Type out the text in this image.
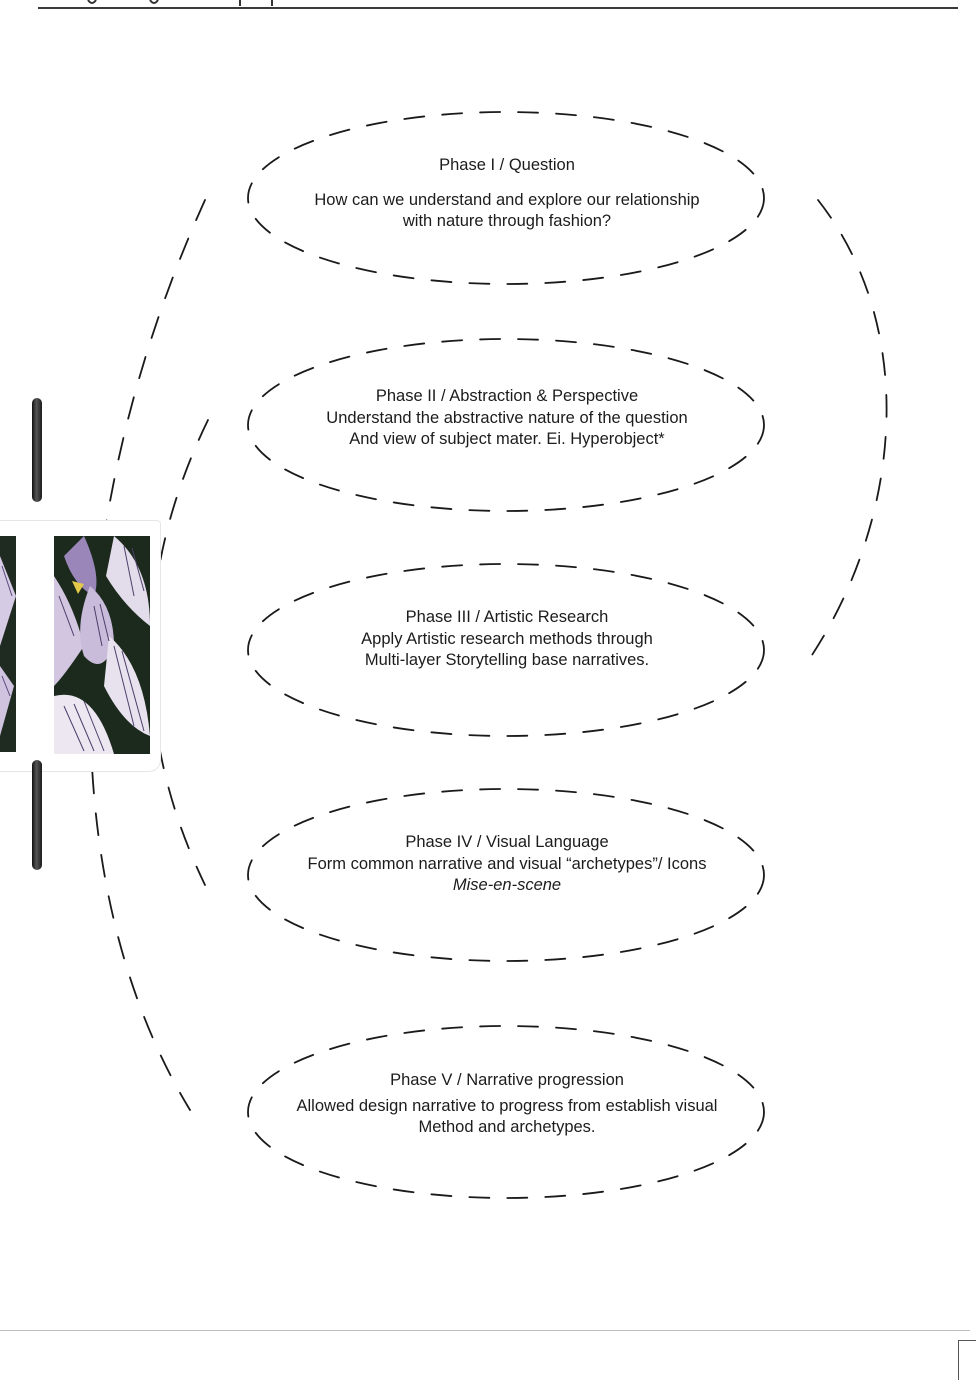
Phase I / Question
How can we understand and explore our relationship
with nature through fashion?
Phase II / Abstraction & Perspective
Understand the abstractive nature of the question
And view of subject mater. Ei. Hyperobject*
Phase III / Artistic Research
Apply Artistic research methods through
Multi-layer Storytelling base narratives.
Phase IV / Visual Language
Form common narrative and visual “archetypes”/ Icons
Mise-en-scene
Phase V / Narrative progression
Allowed design narrative to progress from establish visual
Method and archetypes.
